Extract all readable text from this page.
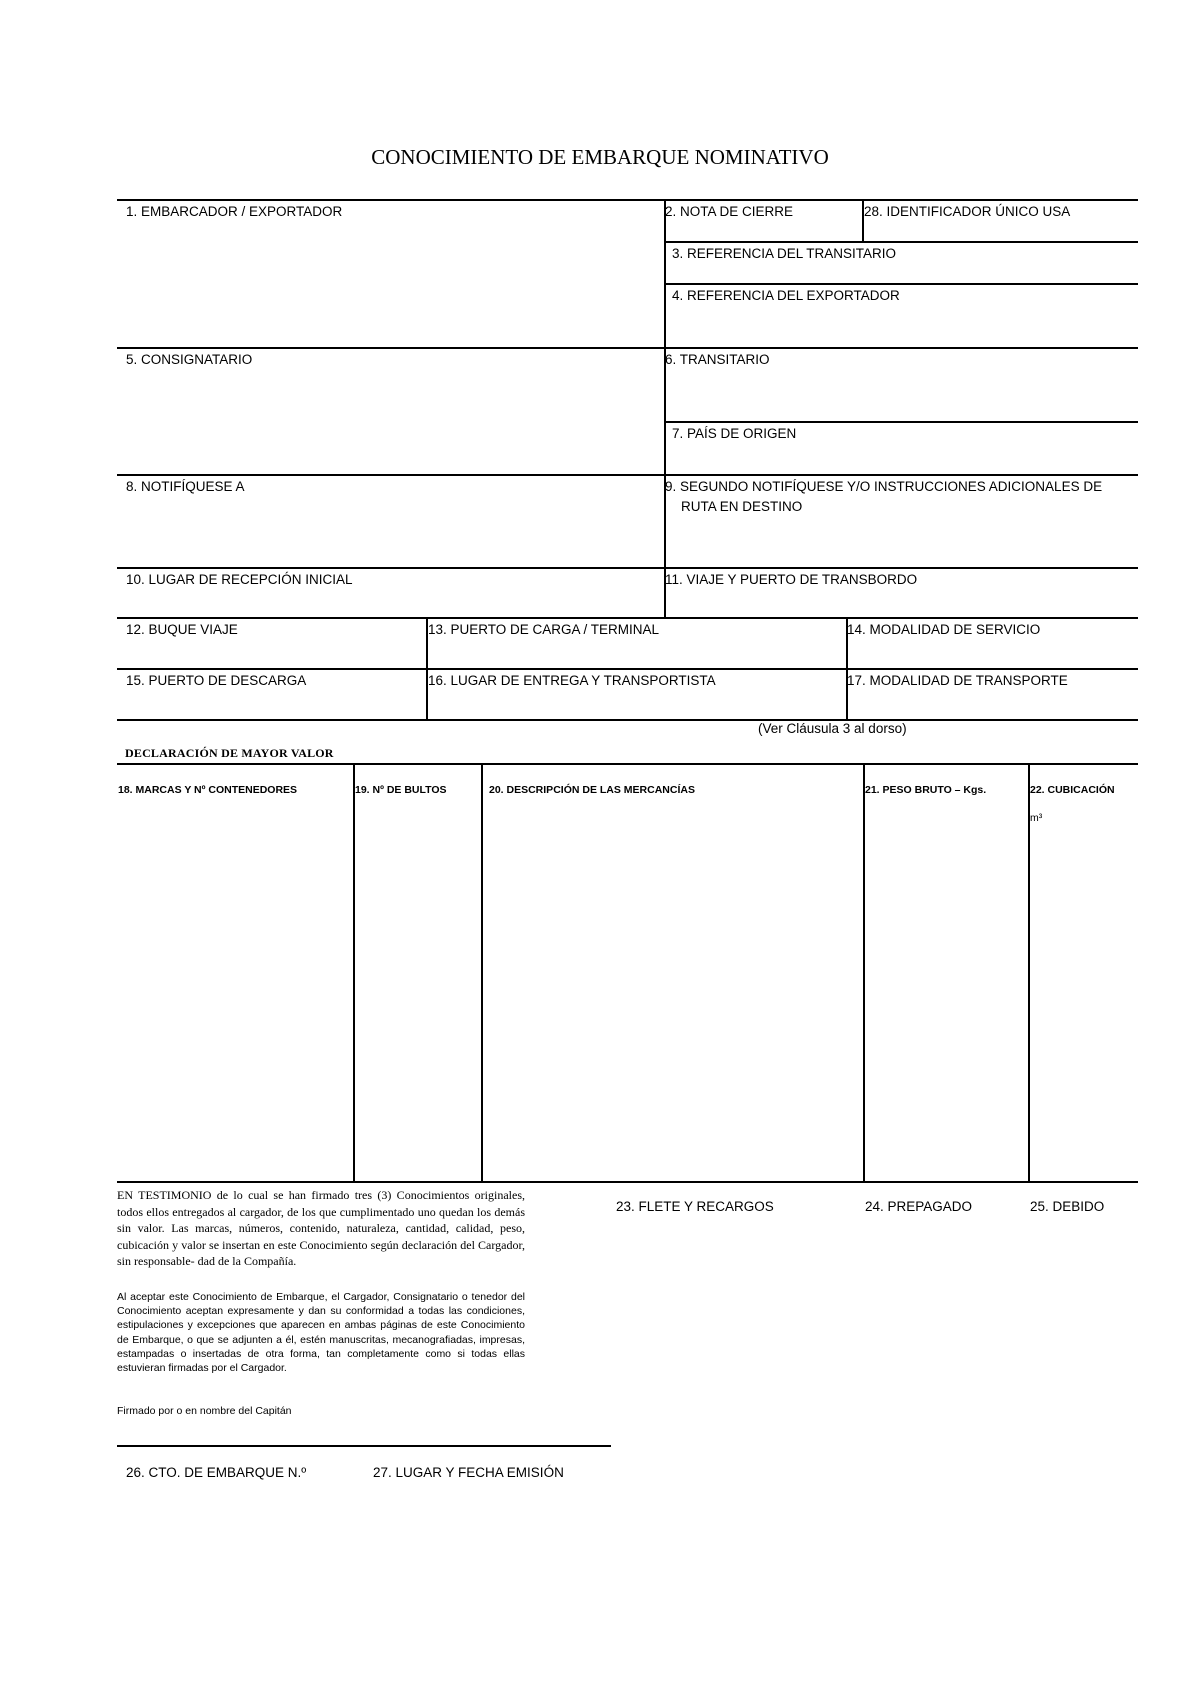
CONOCIMIENTO DE EMBARQUE NOMINATIVO
1. EMBARCADOR / EXPORTADOR	2. NOTA DE CIERRE	28. IDENTIFICADOR ÚNICO USA
3. REFERENCIA DEL TRANSITARIO
4. REFERENCIA DEL EXPORTADOR
5. CONSIGNATARIO	6. TRANSITARIO
7. PAÍS DE ORIGEN
8. NOTIFÍQUESE A	9. SEGUNDO NOTIFÍQUESE Y/O INSTRUCCIONES ADICIONALES DE
RUTA EN DESTINO
10. LUGAR DE RECEPCIÓN INICIAL	11. VIAJE Y PUERTO DE TRANSBORDO
12. BUQUE VIAJE	13. PUERTO DE CARGA / TERMINAL	14. MODALIDAD DE SERVICIO
15. PUERTO DE DESCARGA	16. LUGAR DE ENTREGA Y TRANSPORTISTA	17. MODALIDAD DE TRANSPORTE
(Ver Cláusula 3 al dorso)
DECLARACIÓN DE MAYOR VALOR
18. MARCAS Y Nº CONTENEDORES	19. Nº DE BULTOS	20. DESCRIPCIÓN DE LAS MERCANCÍAS	21. PESO BRUTO – Kgs.	22. CUBICACIÓN
m³
EN TESTIMONIO de lo cual se han firmado tres (3) Conocimientos originales, todos ellos entregados al cargador, de los que cumplimentado uno quedan los demás sin valor. Las marcas, números, contenido, naturaleza, cantidad, calidad, peso, cubicación y valor se insertan en este Conocimiento según declaración del Cargador, sin responsable- dad de la Compañía.
Al aceptar este Conocimiento de Embarque, el Cargador, Consignatario o tenedor del Conocimiento aceptan expresamente y dan su conformidad a todas las condiciones, estipulaciones y excepciones que aparecen en ambas páginas de este Conocimiento de Embarque, o que se adjunten a él, estén manuscritas, mecanografiadas, impresas, estampadas o insertadas de otra forma, tan completamente como si todas ellas estuvieran firmadas por el Cargador.
Firmado por o en nombre del Capitán
23. FLETE Y RECARGOS	24. PREPAGADO	25. DEBIDO
26. CTO. DE EMBARQUE N.º	27. LUGAR Y FECHA EMISIÓN
